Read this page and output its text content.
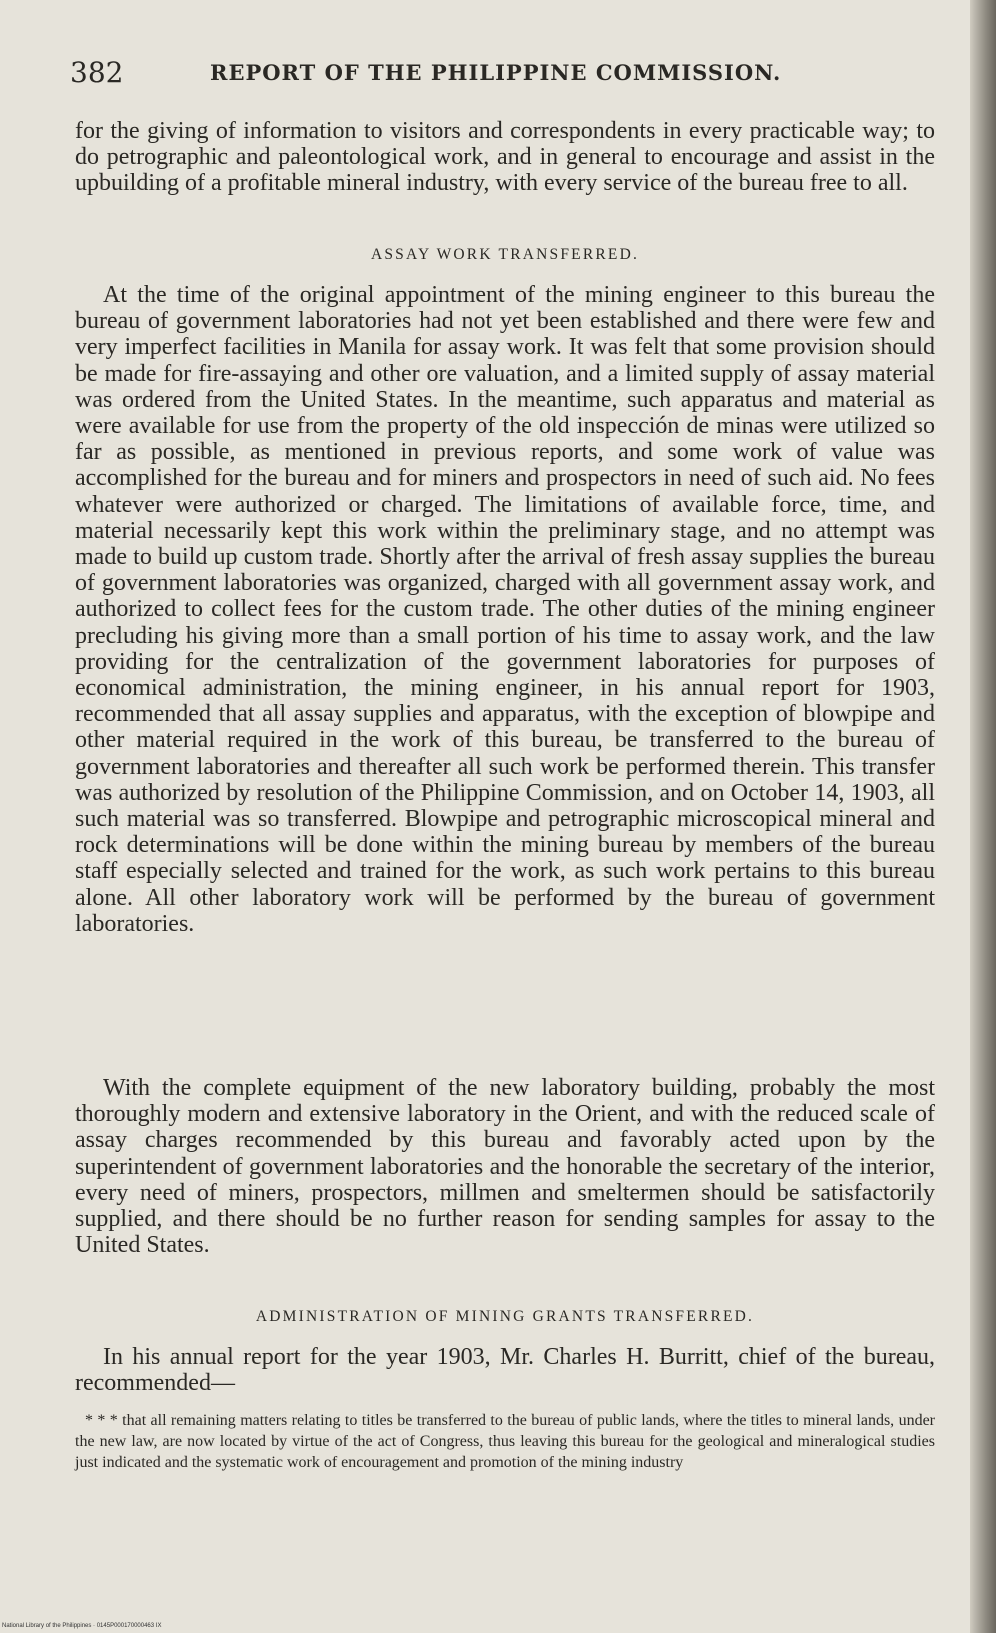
382	REPORT OF THE PHILIPPINE COMMISSION.

for the giving of information to visitors and correspondents in every practicable way; to do petrographic and paleontological work, and in general to encourage and assist in the upbuilding of a profitable mineral industry, with every service of the bureau free to all.

ASSAY WORK TRANSFERRED.

At the time of the original appointment of the mining engineer to this bureau the bureau of government laboratories had not yet been established and there were few and very imperfect facilities in Manila for assay work. It was felt that some provision should be made for fire-assaying and other ore valuation, and a limited supply of assay material was ordered from the United States. In the meantime, such apparatus and material as were available for use from the property of the old inspección de minas were utilized so far as possible, as mentioned in previous reports, and some work of value was accomplished for the bureau and for miners and prospectors in need of such aid. No fees whatever were authorized or charged. The limitations of available force, time, and material necessarily kept this work within the preliminary stage, and no attempt was made to build up custom trade. Shortly after the arrival of fresh assay supplies the bureau of government laboratories was organized, charged with all government assay work, and authorized to collect fees for the custom trade. The other duties of the mining engineer precluding his giving more than a small portion of his time to assay work, and the law providing for the centralization of the government laboratories for purposes of economical administration, the mining engineer, in his annual report for 1903, recommended that all assay supplies and apparatus, with the exception of blowpipe and other material required in the work of this bureau, be transferred to the bureau of government laboratories and thereafter all such work be performed therein. This transfer was authorized by resolution of the Philippine Commission, and on October 14, 1903, all such material was so transferred. Blowpipe and petrographic microscopical mineral and rock determinations will be done within the mining bureau by members of the bureau staff especially selected and trained for the work, as such work pertains to this bureau alone. All other laboratory work will be performed by the bureau of government laboratories.

With the complete equipment of the new laboratory building, probably the most thoroughly modern and extensive laboratory in the Orient, and with the reduced scale of assay charges recommended by this bureau and favorably acted upon by the superintendent of government laboratories and the honorable the secretary of the interior, every need of miners, prospectors, millmen and smeltermen should be satisfactorily supplied, and there should be no further reason for sending samples for assay to the United States.

ADMINISTRATION OF MINING GRANTS TRANSFERRED.

In his annual report for the year 1903, Mr. Charles H. Burritt, chief of the bureau, recommended—

* * * that all remaining matters relating to titles be transferred to the bureau of public lands, where the titles to mineral lands, under the new law, are now located by virtue of the act of Congress, thus leaving this bureau for the geological and mineralogical studies just indicated and the systematic work of encouragement and promotion of the mining industry

National Library of the Philippines · 0145P000170000463 IX
